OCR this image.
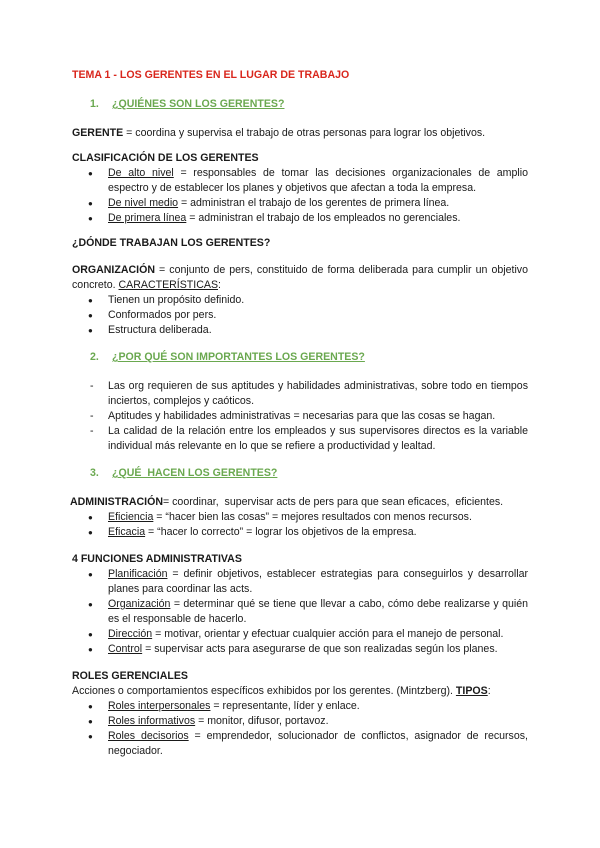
TEMA 1 - LOS GERENTES EN EL LUGAR DE TRABAJO

1. ¿QUIÉNES SON LOS GERENTES?

GERENTE = coordina y supervisa el trabajo de otras personas para lograr los objetivos.

CLASIFICACIÓN DE LOS GERENTES

● De alto nivel = responsables de tomar las decisiones organizacionales de amplio espectro y de establecer los planes y objetivos que afectan a toda la empresa.
● De nivel medio = administran el trabajo de los gerentes de primera línea.
● De primera línea = administran el trabajo de los empleados no gerenciales.

¿DÓNDE TRABAJAN LOS GERENTES?

ORGANIZACIÓN = conjunto de pers, constituido de forma deliberada para cumplir un objetivo concreto. CARACTERÍSTICAS:

● Tienen un propósito definido.
● Conformados por pers.
● Estructura deliberada.

2. ¿POR QUÉ SON IMPORTANTES LOS GERENTES?

- Las org requieren de sus aptitudes y habilidades administrativas, sobre todo en tiempos inciertos, complejos y caóticos.
- Aptitudes y habilidades administrativas = necesarias para que las cosas se hagan.
- La calidad de la relación entre los empleados y sus supervisores directos es la variable individual más relevante en lo que se refiere a productividad y lealtad.

3. ¿QUÉ  HACEN LOS GERENTES?

ADMINISTRACIÓN= coordinar,  supervisar acts de pers para que sean eficaces,  eficientes.

● Eficiencia = “hacer bien las cosas” = mejores resultados con menos recursos.
● Eficacia = “hacer lo correcto” = lograr los objetivos de la empresa.

4 FUNCIONES ADMINISTRATIVAS

● Planificación = definir objetivos, establecer estrategias para conseguirlos y desarrollar planes para coordinar las acts.
● Organización = determinar qué se tiene que llevar a cabo, cómo debe realizarse y quién es el responsable de hacerlo.
● Dirección = motivar, orientar y efectuar cualquier acción para el manejo de personal.
● Control = supervisar acts para asegurarse de que son realizadas según los planes.

ROLES GERENCIALES

Acciones o comportamientos específicos exhibidos por los gerentes. (Mintzberg). TIPOS:

● Roles interpersonales = representante, líder y enlace.
● Roles informativos = monitor, difusor, portavoz.
● Roles decisorios = emprendedor, solucionador de conflictos, asignador de recursos, negociador.
